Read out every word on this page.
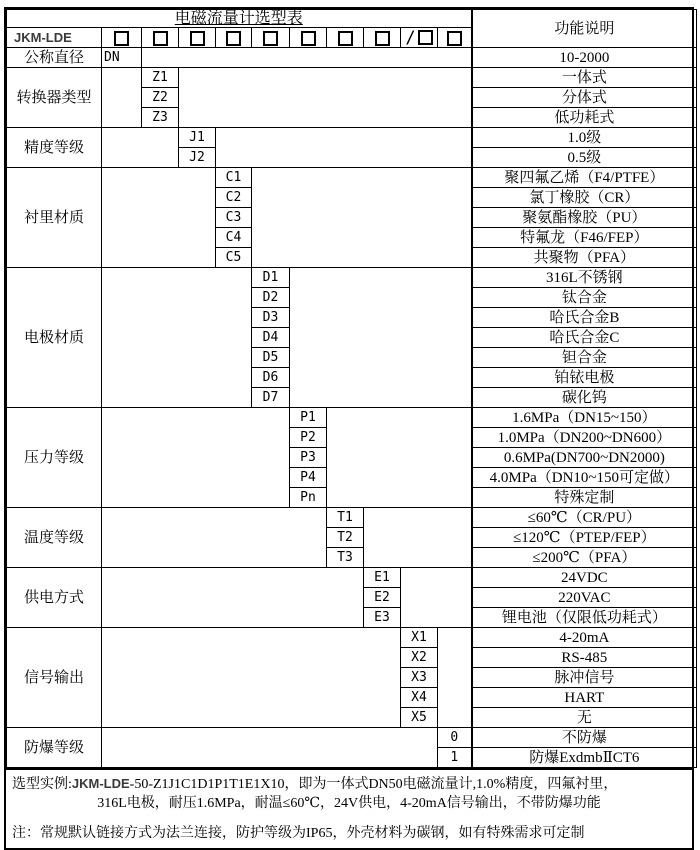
电磁流量计选型表											功能说明
JKM-LDE									/		
公称直径	DN										10-2000
转换器类型		Z1									一体式
		Z2									分体式
		Z3									低功耗式
精度等级			J1								1.0级
			J2								0.5级
衬里材质				C1							聚四氟乙烯（F4/PTFE）
				C2							氯丁橡胶（CR）
				C3							聚氨酯橡胶（PU）
				C4							特氟龙（F46/FEP）
				C5							共聚物（PFA）
电极材质					D1						316L不锈钢
					D2						钛合金
					D3						哈氏合金B
					D4						哈氏合金C
					D5						钽合金
					D6						铂铱电极
					D7						碳化钨
压力等级						P1					1.6MPa（DN15~150）
						P2					1.0MPa（DN200~DN600）
						P3					0.6MPa(DN700~DN2000)
						P4					4.0MPa（DN10~150可定做）
						Pn					特殊定制
温度等级							T1				≤60℃（CR/PU）
							T2				≤120℃（PTEP/FEP）
							T3				≤200℃（PFA）
供电方式								E1			24VDC
								E2			220VAC
								E3			锂电池（仅限低功耗式）
信号输出									X1		4-20mA
									X2		RS-485
									X3		脉冲信号
									X4		HART
									X5		无
防爆等级										0	不防爆
										1	防爆ExdmbⅡCT6
选型实例:JKM-LDE-50-Z1J1C1D1P1T1E1X10，即为一体式DN50电磁流量计,1.0%精度，四氟衬里，
316L电极，耐压1.6MPa，耐温≤60℃，24V供电，4-20mA信号输出，不带防爆功能
注：常规默认链接方式为法兰连接，防护等级为IP65，外壳材料为碳钢，如有特殊需求可定制
